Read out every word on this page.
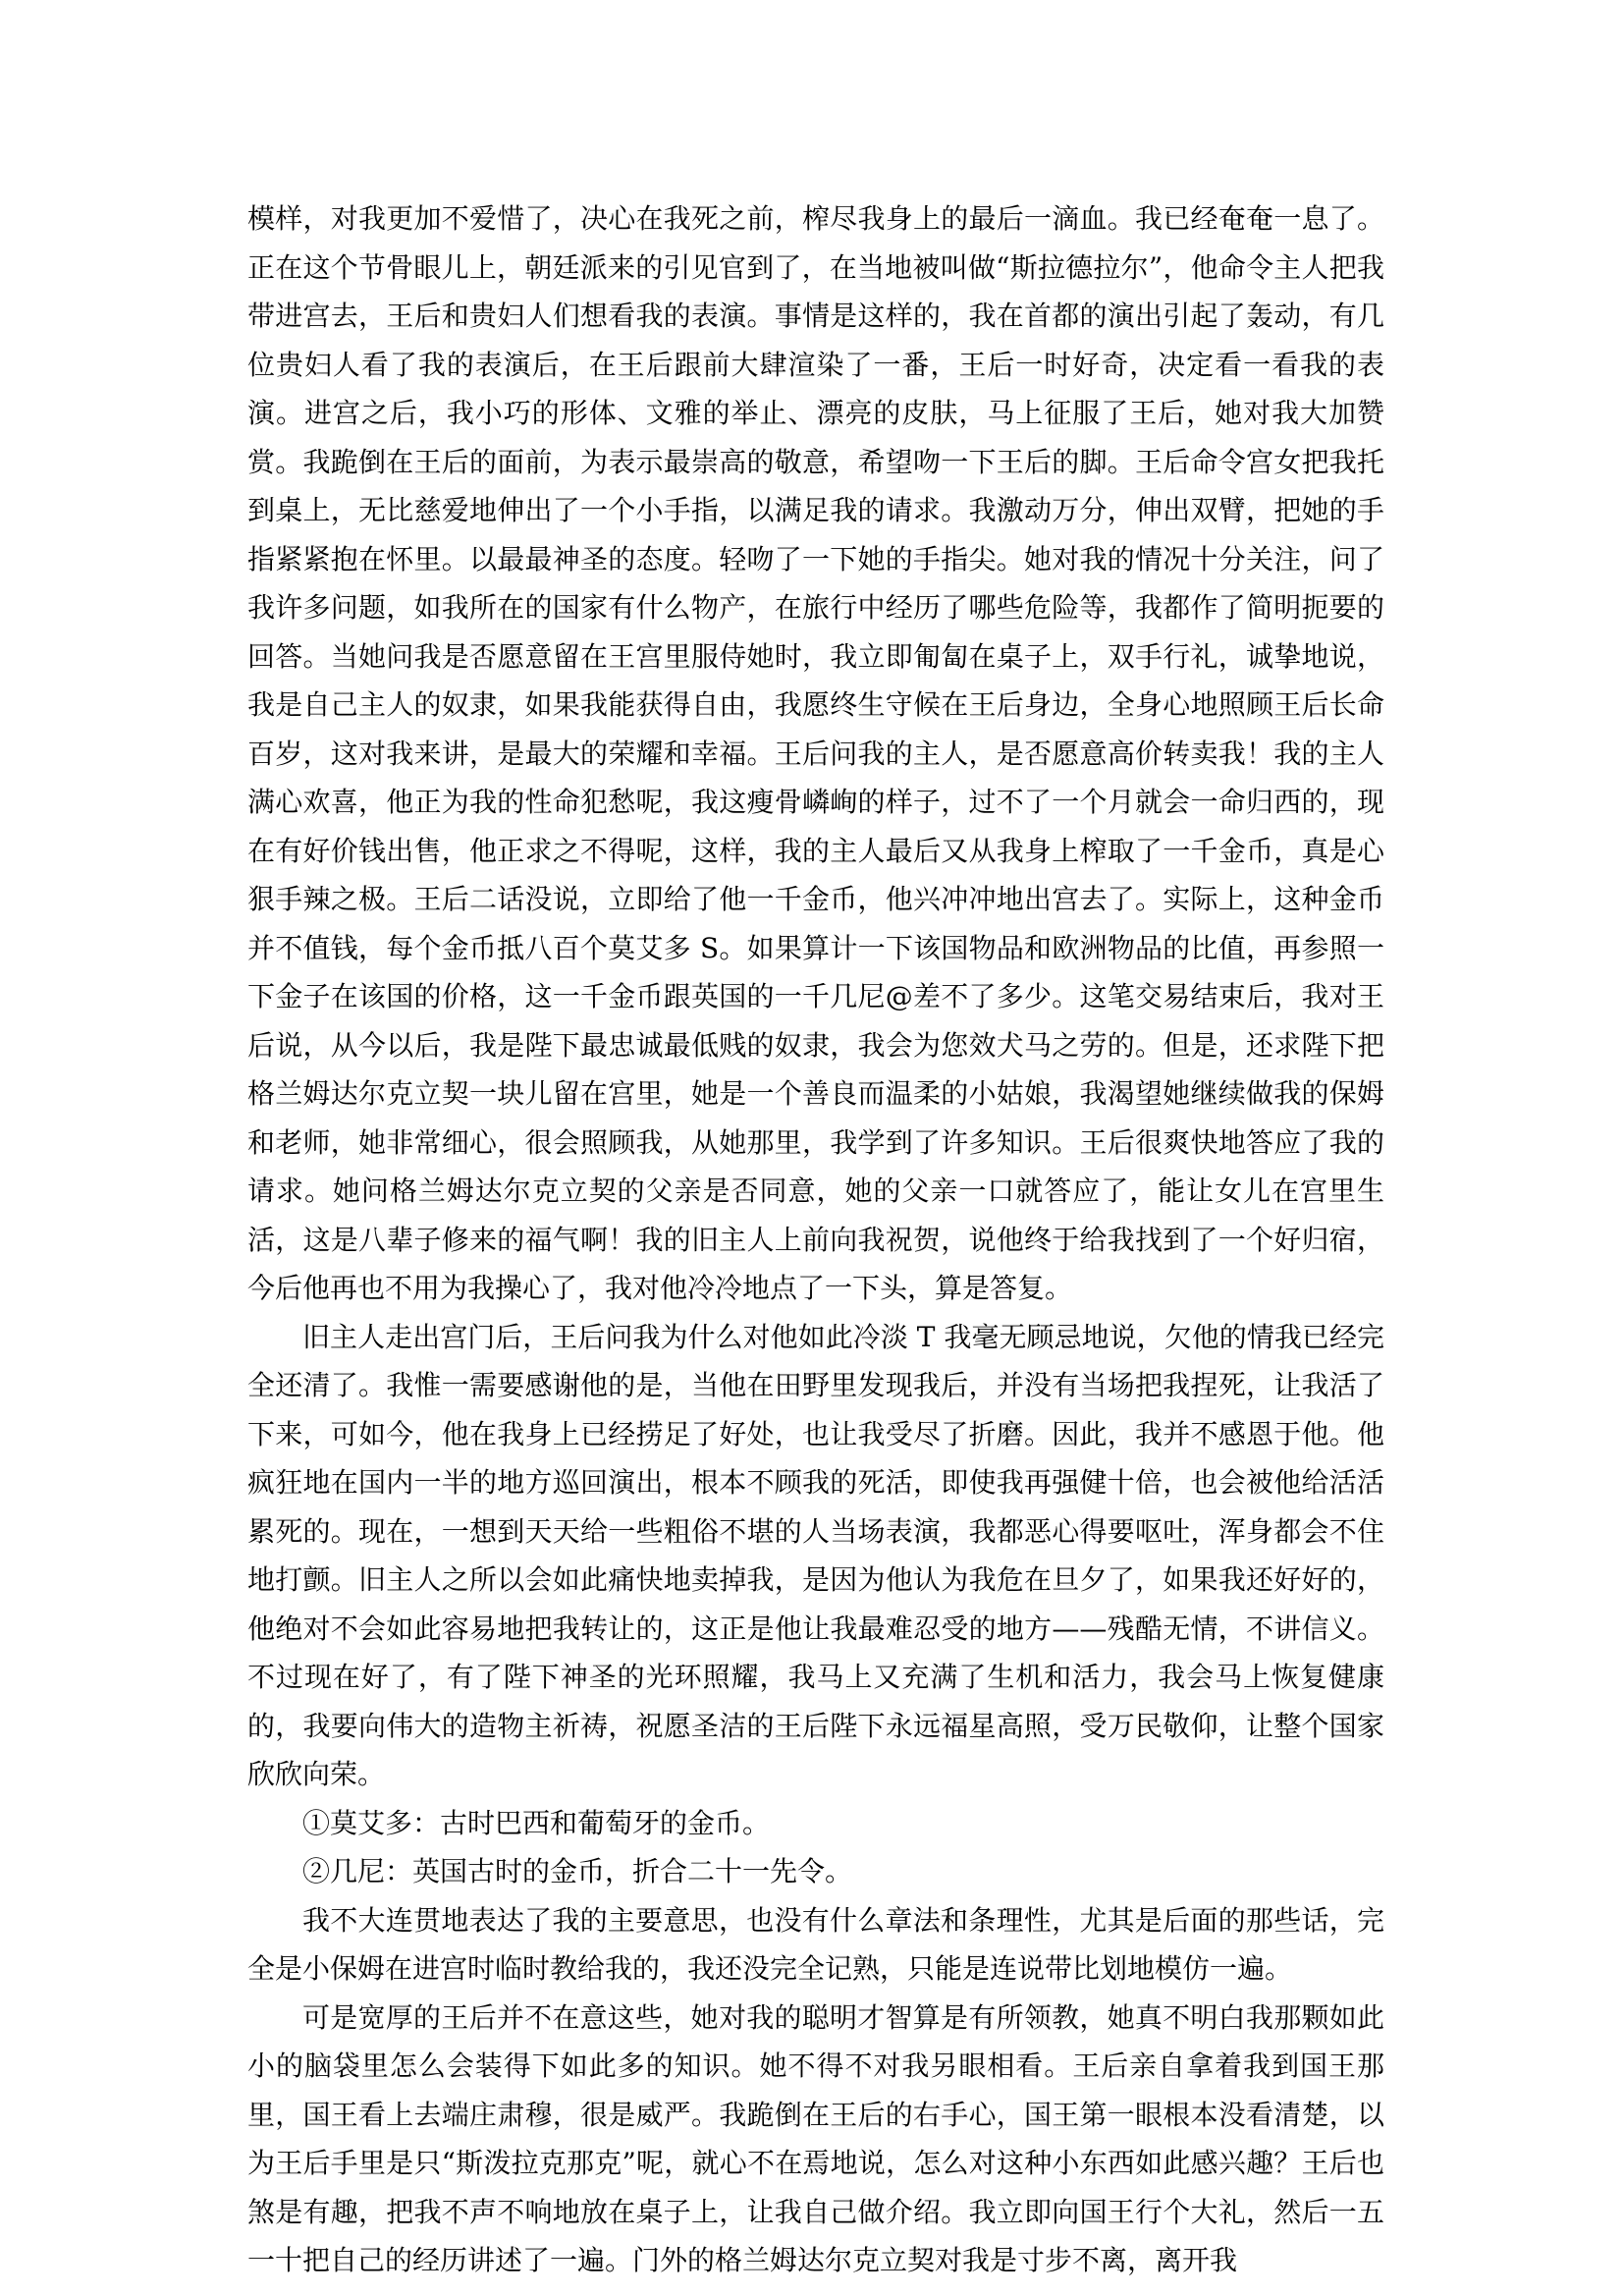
模样，对我更加不爱惜了，决心在我死之前，榨尽我身上的最后一滴血。我已经奄奄一息了。正在这个节骨眼儿上，朝廷派来的引见官到了，在当地被叫做“斯拉德拉尔”，他命令主人把我带进宫去，王后和贵妇人们想看我的表演。事情是这样的，我在首都的演出引起了轰动，有几位贵妇人看了我的表演后，在王后跟前大肆渲染了一番，王后一时好奇，决定看一看我的表演。进宫之后，我小巧的形体、文雅的举止、漂亮的皮肤，马上征服了王后，她对我大加赞赏。我跪倒在王后的面前，为表示最崇高的敬意，希望吻一下王后的脚。王后命令宫女把我托到桌上，无比慈爱地伸出了一个小手指，以满足我的请求。我激动万分，伸出双臂，把她的手指紧紧抱在怀里。以最最神圣的态度。轻吻了一下她的手指尖。她对我的情况十分关注，问了我许多问题，如我所在的国家有什么物产，在旅行中经历了哪些危险等，我都作了简明扼要的回答。当她问我是否愿意留在王宫里服侍她时，我立即匍匐在桌子上，双手行礼，诚挚地说，我是自己主人的奴隶，如果我能获得自由，我愿终生守候在王后身边，全身心地照顾王后长命百岁，这对我来讲，是最大的荣耀和幸福。王后问我的主人，是否愿意高价转卖我！我的主人满心欢喜，他正为我的性命犯愁呢，我这瘦骨嶙峋的样子，过不了一个月就会一命归西的，现在有好价钱出售，他正求之不得呢，这样，我的主人最后又从我身上榨取了一千金币，真是心狠手辣之极。王后二话没说，立即给了他一千金币，他兴冲冲地出宫去了。实际上，这种金币并不值钱，每个金币抵八百个莫艾多 S。如果算计一下该国物品和欧洲物品的比值，再参照一下金子在该国的价格，这一千金币跟英国的一千几尼@差不了多少。这笔交易结束后，我对王后说，从今以后，我是陛下最忠诚最低贱的奴隶，我会为您效犬马之劳的。但是，还求陛下把格兰姆达尔克立契一块儿留在宫里，她是一个善良而温柔的小姑娘，我渴望她继续做我的保姆和老师，她非常细心，很会照顾我，从她那里，我学到了许多知识。王后很爽快地答应了我的请求。她问格兰姆达尔克立契的父亲是否同意，她的父亲一口就答应了，能让女儿在宫里生活，这是八辈子修来的福气啊！我的旧主人上前向我祝贺，说他终于给我找到了一个好归宿，今后他再也不用为我操心了，我对他冷冷地点了一下头，算是答复。

旧主人走出宫门后，王后问我为什么对他如此冷淡 T 我毫无顾忌地说，欠他的情我已经完全还清了。我惟一需要感谢他的是，当他在田野里发现我后，并没有当场把我捏死，让我活了下来，可如今，他在我身上已经捞足了好处，也让我受尽了折磨。因此，我并不感恩于他。他疯狂地在国内一半的地方巡回演出，根本不顾我的死活，即使我再强健十倍，也会被他给活活累死的。现在，一想到天天给一些粗俗不堪的人当场表演，我都恶心得要呕吐，浑身都会不住地打颤。旧主人之所以会如此痛快地卖掉我，是因为他认为我危在旦夕了，如果我还好好的，他绝对不会如此容易地把我转让的，这正是他让我最难忍受的地方——残酷无情，不讲信义。不过现在好了，有了陛下神圣的光环照耀，我马上又充满了生机和活力，我会马上恢复健康的，我要向伟大的造物主祈祷，祝愿圣洁的王后陛下永远福星高照，受万民敬仰，让整个国家欣欣向荣。

①莫艾多：古时巴西和葡萄牙的金币。

②几尼：英国古时的金币，折合二十一先令。

我不大连贯地表达了我的主要意思，也没有什么章法和条理性，尤其是后面的那些话，完全是小保姆在进宫时临时教给我的，我还没完全记熟，只能是连说带比划地模仿一遍。

可是宽厚的王后并不在意这些，她对我的聪明才智算是有所领教，她真不明白我那颗如此小的脑袋里怎么会装得下如此多的知识。她不得不对我另眼相看。王后亲自拿着我到国王那里，国王看上去端庄肃穆，很是威严。我跪倒在王后的右手心，国王第一眼根本没看清楚，以为王后手里是只“斯泼拉克那克”呢，就心不在焉地说，怎么对这种小东西如此感兴趣？王后也煞是有趣，把我不声不响地放在桌子上，让我自己做介绍。我立即向国王行个大礼，然后一五一十把自己的经历讲述了一遍。门外的格兰姆达尔克立契对我是寸步不离，离开我
